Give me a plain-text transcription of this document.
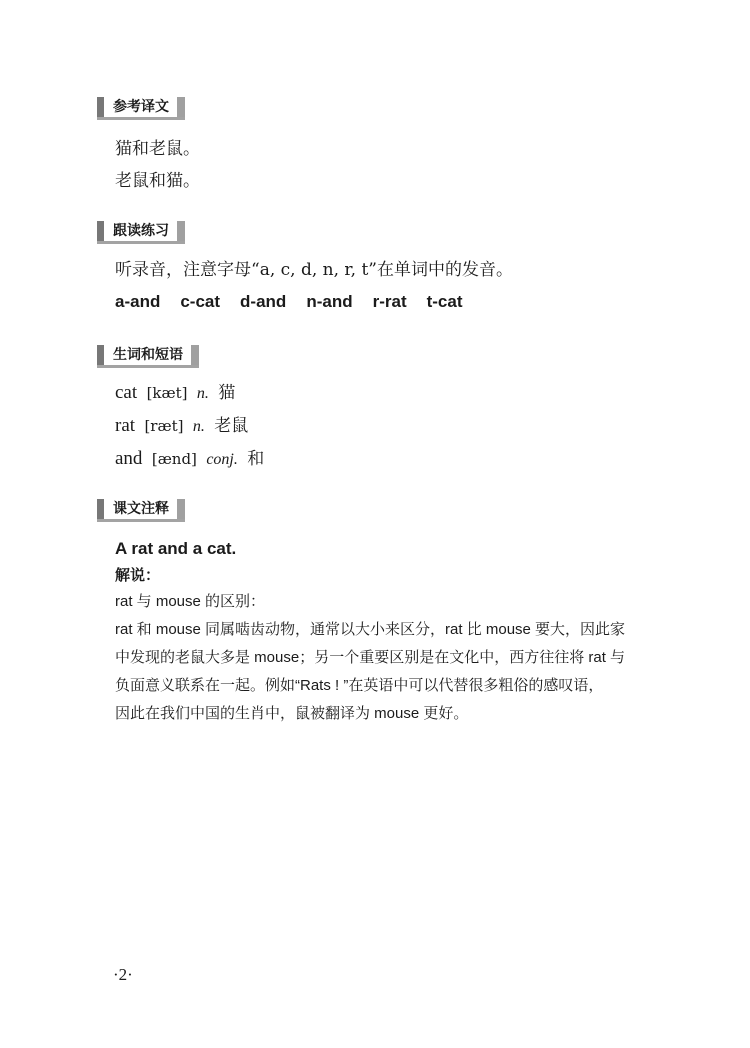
参考译文
猫和老鼠。
老鼠和猫。
跟读练习
听录音，注意字母“a, c, d, n, r, t”在单词中的发音。
a-and c-cat d-and n-and r-rat t-cat
生词和短语
cat [kæt] n. 猫
rat [ræt] n. 老鼠
and [ænd] conj. 和
课文注释
A rat and a cat.
解说：
rat 与 mouse 的区别：
rat 和 mouse 同属啮齿动物，通常以大小来区分，rat 比 mouse 要大，因此家
中发现的老鼠大多是 mouse；另一个重要区别是在文化中，西方往往将 rat 与
负面意义联系在一起。例如“Rats ! ”在英语中可以代替很多粗俗的感叹语，
因此在我们中国的生肖中，鼠被翻译为 mouse 更好。
·2·
